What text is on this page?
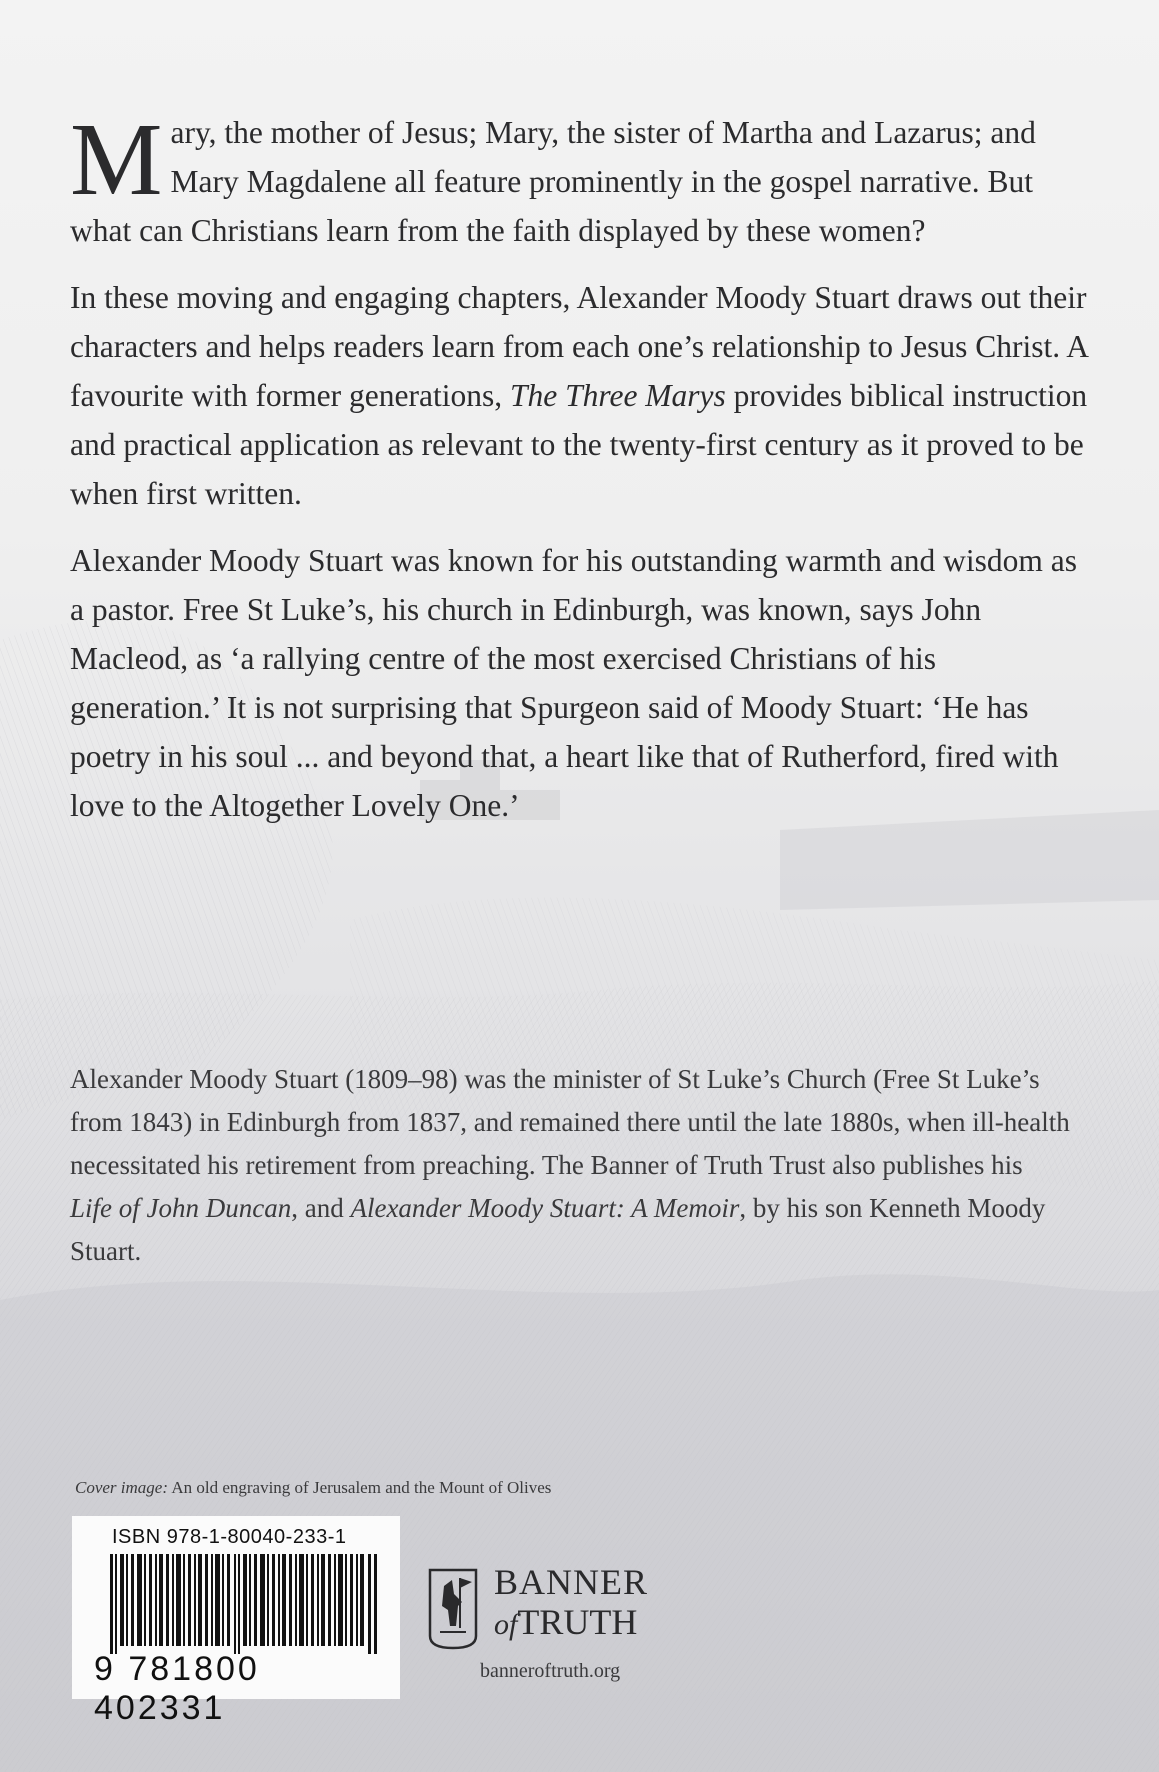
Mary, the mother of Jesus; Mary, the sister of Martha and Lazarus; and Mary Magdalene all feature prominently in the gospel narrative. But what can Christians learn from the faith displayed by these women?

In these moving and engaging chapters, Alexander Moody Stuart draws out their characters and helps readers learn from each one’s relationship to Jesus Christ. A favourite with former generations, The Three Marys provides biblical instruction and practical application as relevant to the twenty-first century as it proved to be when first written.

Alexander Moody Stuart was known for his outstanding warmth and wisdom as a pastor. Free St Luke’s, his church in Edinburgh, was known, says John Macleod, as ‘a rallying centre of the most exercised Christians of his generation.’ It is not surprising that Spurgeon said of Moody Stuart: ‘He has poetry in his soul ... and beyond that, a heart like that of Rutherford, fired with love to the Altogether Lovely One.’

Alexander Moody Stuart (1809–98) was the minister of St Luke’s Church (Free St Luke’s from 1843) in Edinburgh from 1837, and remained there until the late 1880s, when ill-health necessitated his retirement from preaching. The Banner of Truth Trust also publishes his Life of John Duncan, and Alexander Moody Stuart: A Memoir, by his son Kenneth Moody Stuart.
Cover image: An old engraving of Jerusalem and the Mount of Olives
ISBN 978-1-80040-233-1
9 781800 402331
BANNER
ofTRUTH
banneroftruth.org
